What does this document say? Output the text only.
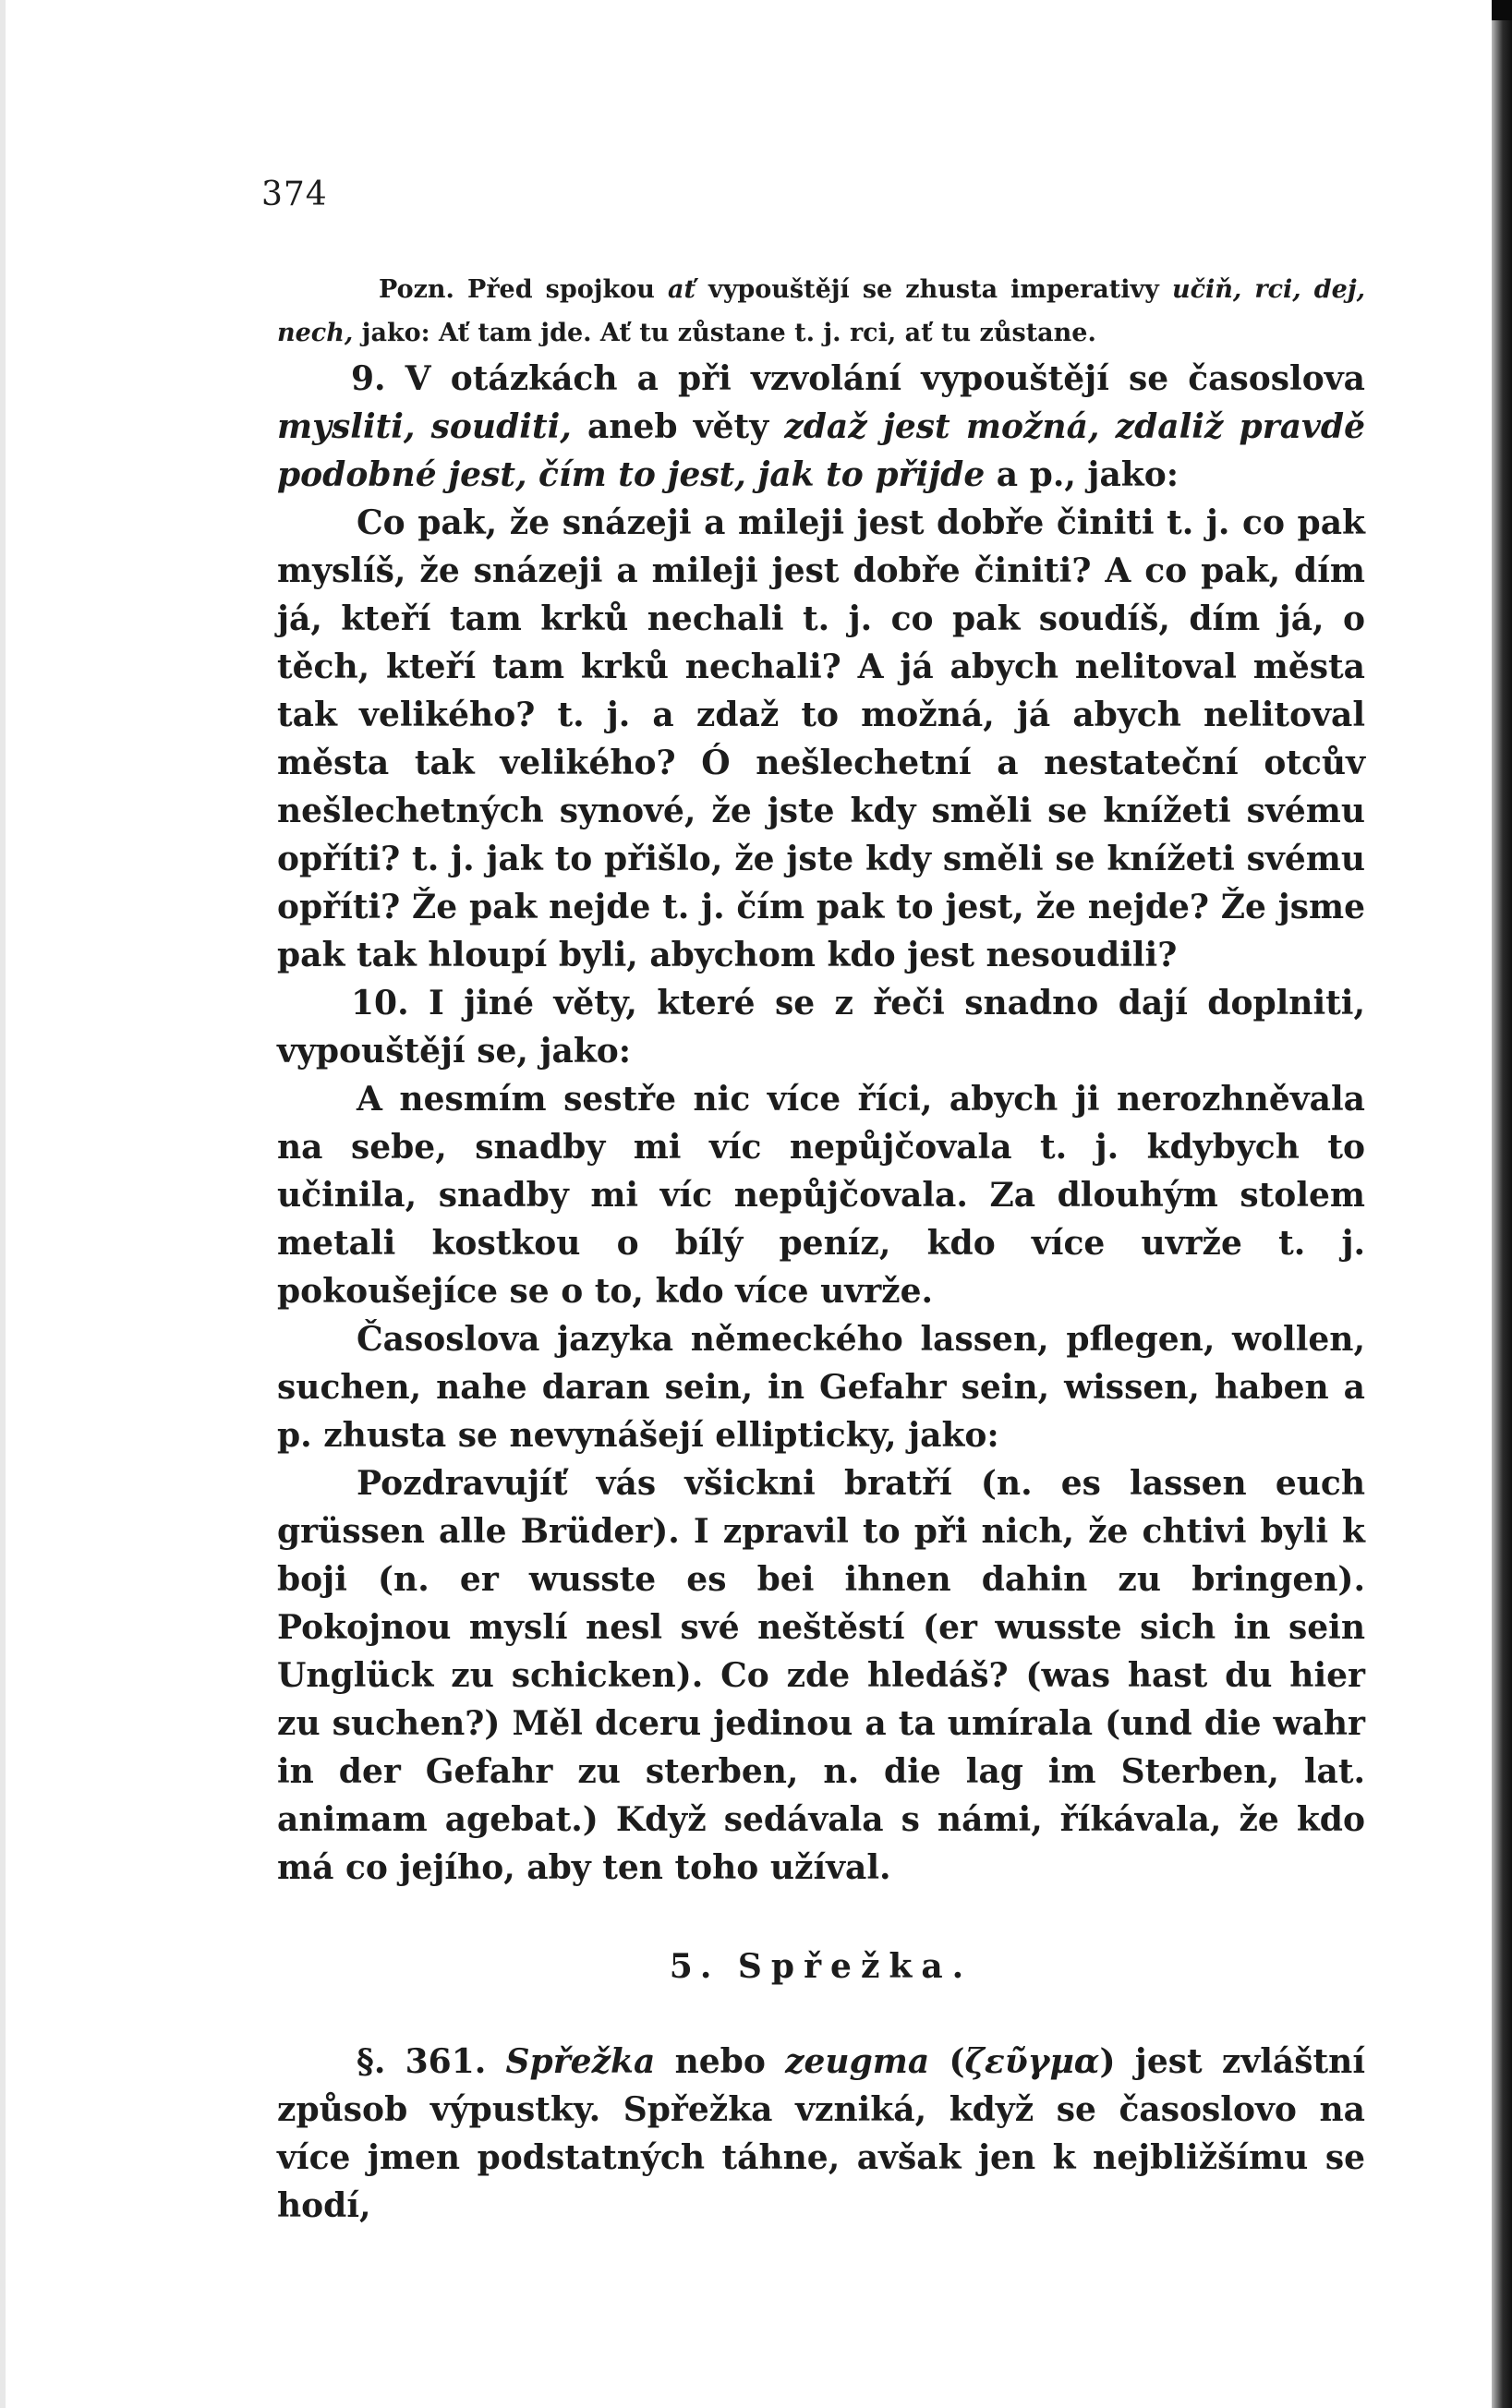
374

Pozn. Před spojkou ať vypouštějí se zhusta imperativy učiň, rci, dej, nech, jako: Ať tam jde. Ať tu zůstane t. j. rci, ať tu zůstane.

9. V otázkách a při vzvolání vypouštějí se časoslova mysliti, souditi, aneb věty zdaž jest možná, zdaliž pravdě podobné jest, čím to jest, jak to přijde a p., jako:

Co pak, že snázeji a mileji jest dobře činiti t. j. co pak myslíš, že snázeji a mileji jest dobře činiti? A co pak, dím já, kteří tam krků nechali t. j. co pak soudíš, dím já, o těch, kteří tam krků nechali? A já abych nelitoval města tak velikého? t. j. a zdaž to možná, já abych nelitoval města tak velikého? Ó nešlechetní a nestateční otcův nešlechetných synové, že jste kdy směli se knížeti svému opříti? t. j. jak to přišlo, že jste kdy směli se knížeti svému opříti? Že pak nejde t. j. čím pak to jest, že nejde? Že jsme pak tak hloupí byli, abychom kdo jest nesoudili?

10. I jiné věty, které se z řeči snadno dají doplniti, vypouštějí se, jako:

A nesmím sestře nic více říci, abych ji nerozhněvala na sebe, snadby mi víc nepůjčovala t. j. kdybych to učinila, snadby mi víc nepůjčovala. Za dlouhým stolem metali kostkou o bílý peníz, kdo více uvrže t. j. pokoušejíce se o to, kdo více uvrže.

Časoslova jazyka německého lassen, pflegen, wollen, suchen, nahe daran sein, in Gefahr sein, wissen, haben a p. zhusta se nevynášejí ellipticky, jako:

Pozdravujíť vás všickni bratří (n. es lassen euch grüssen alle Brüder). I zpravil to při nich, že chtivi byli k boji (n. er wusste es bei ihnen dahin zu bringen). Pokojnou myslí nesl své neštěstí (er wusste sich in sein Unglück zu schicken). Co zde hledáš? (was hast du hier zu suchen?) Měl dceru jedinou a ta umírala (und die wahr in der Gefahr zu sterben, n. die lag im Sterben, lat. animam agebat.) Když sedávala s námi, říkávala, že kdo má co jejího, aby ten toho užíval.

5. Spřežka.

§. 361. Spřežka nebo zeugma (ζεῦγμα) jest zvláštní způsob výpustky. Spřežka vzniká, když se časoslovo na více jmen podstatných táhne, avšak jen k nejbližšímu se hodí,
